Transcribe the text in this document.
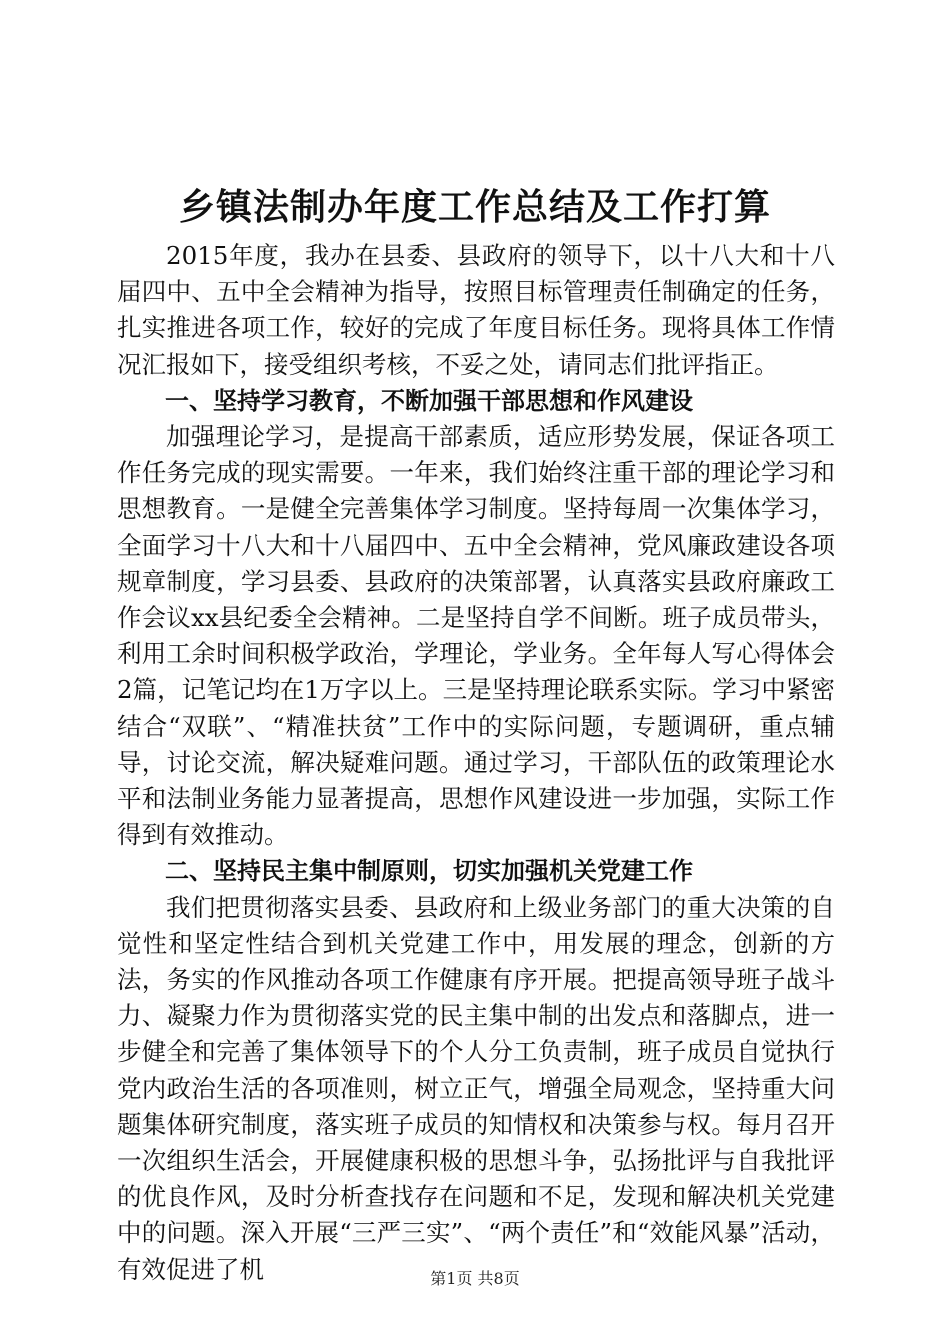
乡镇法制办年度工作总结及工作打算

2015年度，我办在县委、县政府的领导下，以十八大和十八届四中、五中全会精神为指导，按照目标管理责任制确定的任务，扎实推进各项工作，较好的完成了年度目标任务。现将具体工作情况汇报如下，接受组织考核，不妥之处，请同志们批评指正。

一、坚持学习教育，不断加强干部思想和作风建设

加强理论学习，是提高干部素质，适应形势发展，保证各项工作任务完成的现实需要。一年来，我们始终注重干部的理论学习和思想教育。一是健全完善集体学习制度。坚持每周一次集体学习，全面学习十八大和十八届四中、五中全会精神，党风廉政建设各项规章制度，学习县委、县政府的决策部署，认真落实县政府廉政工作会议xx县纪委全会精神。二是坚持自学不间断。班子成员带头，利用工余时间积极学政治，学理论，学业务。全年每人写心得体会2篇，记笔记均在1万字以上。三是坚持理论联系实际。学习中紧密结合“双联”、“精准扶贫”工作中的实际问题，专题调研，重点辅导，讨论交流，解决疑难问题。通过学习，干部队伍的政策理论水平和法制业务能力显著提高，思想作风建设进一步加强，实际工作得到有效推动。

二、坚持民主集中制原则，切实加强机关党建工作

我们把贯彻落实县委、县政府和上级业务部门的重大决策的自觉性和坚定性结合到机关党建工作中，用发展的理念，创新的方法，务实的作风推动各项工作健康有序开展。把提高领导班子战斗力、凝聚力作为贯彻落实党的民主集中制的出发点和落脚点，进一步健全和完善了集体领导下的个人分工负责制，班子成员自觉执行党内政治生活的各项准则，树立正气，增强全局观念，坚持重大问题集体研究制度，落实班子成员的知情权和决策参与权。每月召开一次组织生活会，开展健康积极的思想斗争，弘扬批评与自我批评的优良作风，及时分析查找存在问题和不足，发现和解决机关党建中的问题。深入开展“三严三实”、“两个责任”和“效能风暴”活动，有效促进了机	第1页 共8页
